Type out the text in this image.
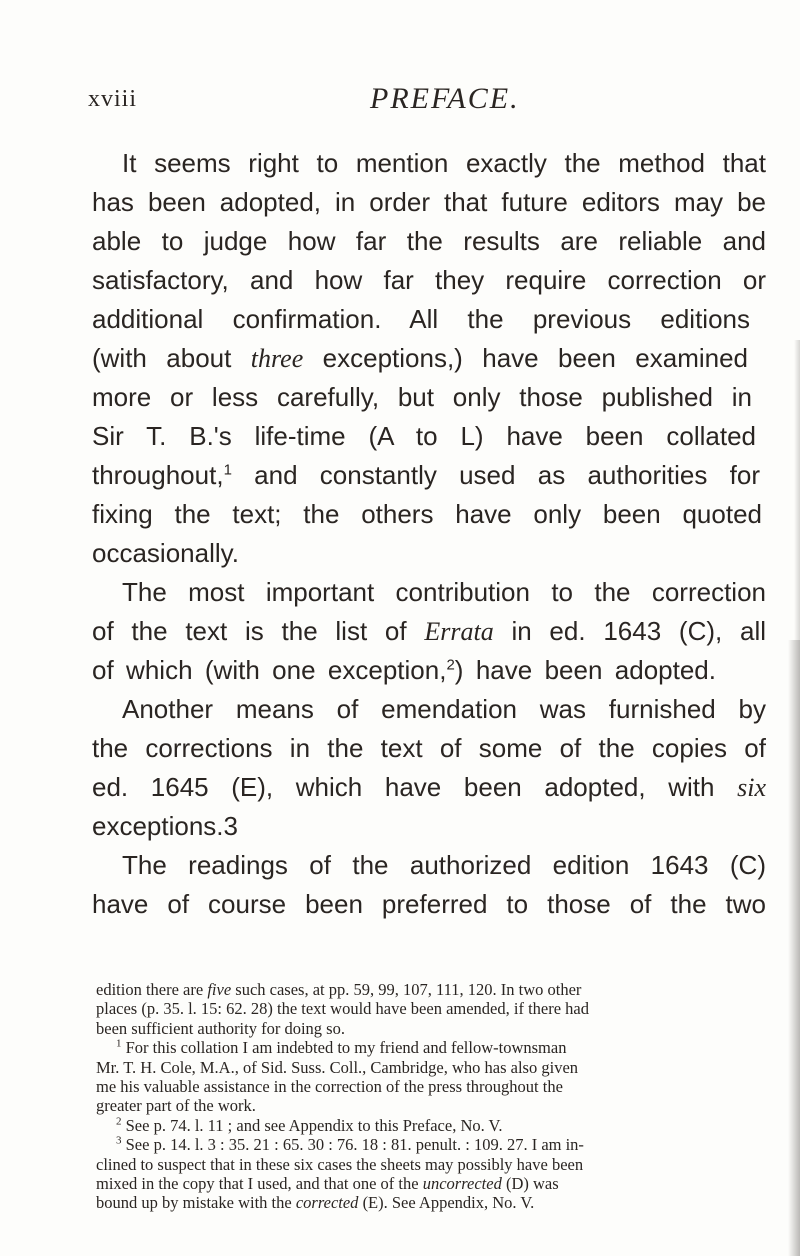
xviii	PREFACE.
It seems right to mention exactly the method that
has been adopted, in order that future editors may be
able to judge how far the results are reliable and
satisfactory, and how far they require correction or
additional confirmation. All the previous editions
(with about three exceptions,) have been examined
more or less carefully, but only those published in
Sir T. B.'s life-time (A to L) have been collated
throughout,$^1$ and constantly used as authorities for
fixing the text; the others have only been quoted
occasionally.
The most important contribution to the correction
of the text is the list of Errata in ed. 1643 (C), all
of which (with one exception,$^2$) have been adopted.
Another means of emendation was furnished by
the corrections in the text of some of the copies of
ed. 1645 (E), which have been adopted, with six
exceptions.3
The readings of the authorized edition 1643 (C)
have of course been preferred to those of the two
edition there are five such cases, at pp. 59, 99, 107, 111, 120. In two other
places (p. 35. l. 15: 62. 28) the text would have been amended, if there had
been sufficient authority for doing so.
$^1$ For this collation I am indebted to my friend and fellow-townsman
Mr. T. H. Cole, M.A., of Sid. Suss. Coll., Cambridge, who has also given
me his valuable assistance in the correction of the press throughout the
greater part of the work.
$^2$ See p. 74. l. 11 ; and see Appendix to this Preface, No. V.
$^3$ See p. 14. l. 3 : 35. 21 : 65. 30 : 76. 18 : 81. penult. : 109. 27. I am in-
clined to suspect that in these six cases the sheets may possibly have been
mixed in the copy that I used, and that one of the uncorrected (D) was
bound up by mistake with the corrected (E). See Appendix, No. V.
